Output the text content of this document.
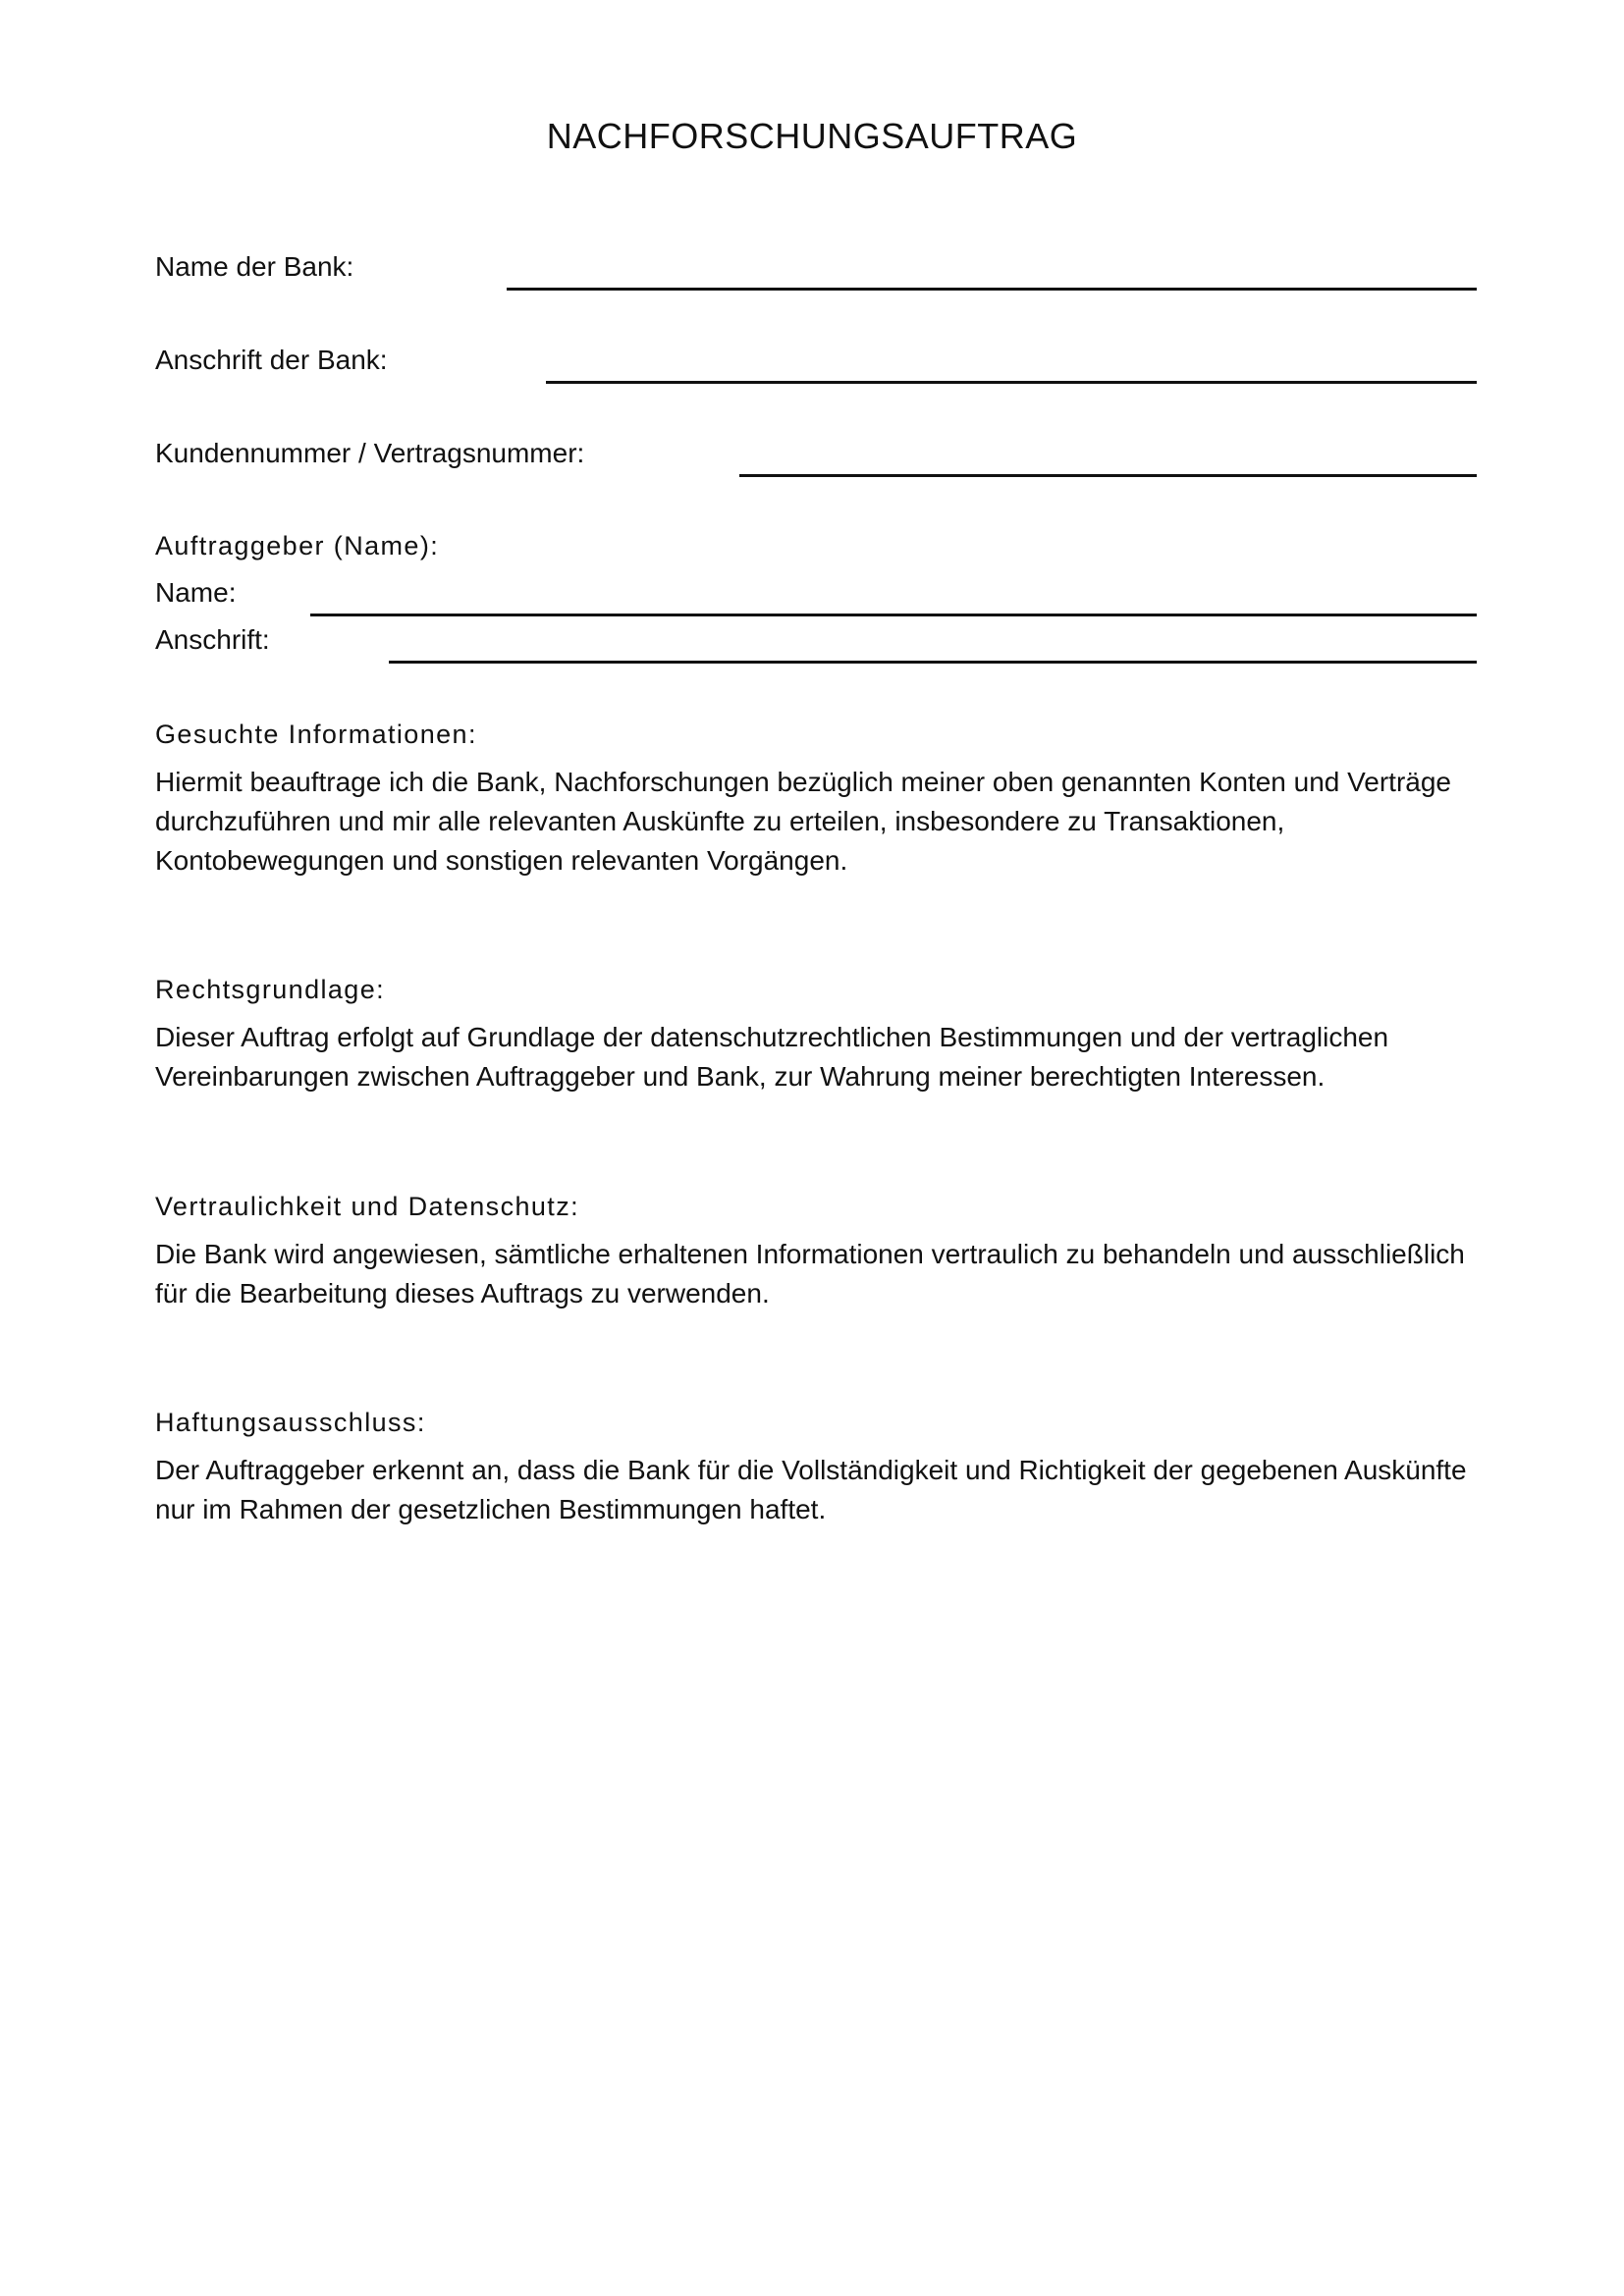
NACHFORSCHUNGSAUFTRAG
Name der Bank:
Anschrift der Bank:
Kundennummer / Vertragsnummer:
Auftraggeber (Name):
Name:
Anschrift:
Gesuchte Informationen:
Hiermit beauftrage ich die Bank, Nachforschungen bezüglich meiner oben genannten Konten und Verträge
durchzuführen und mir alle relevanten Auskünfte zu erteilen, insbesondere zu Transaktionen,
Kontobewegungen und sonstigen relevanten Vorgängen.
Rechtsgrundlage:
Dieser Auftrag erfolgt auf Grundlage der datenschutzrechtlichen Bestimmungen und der vertraglichen
Vereinbarungen zwischen Auftraggeber und Bank, zur Wahrung meiner berechtigten Interessen.
Vertraulichkeit und Datenschutz:
Die Bank wird angewiesen, sämtliche erhaltenen Informationen vertraulich zu behandeln und ausschließlich
für die Bearbeitung dieses Auftrags zu verwenden.
Haftungsausschluss:
Der Auftraggeber erkennt an, dass die Bank für die Vollständigkeit und Richtigkeit der gegebenen Auskünfte
nur im Rahmen der gesetzlichen Bestimmungen haftet.
